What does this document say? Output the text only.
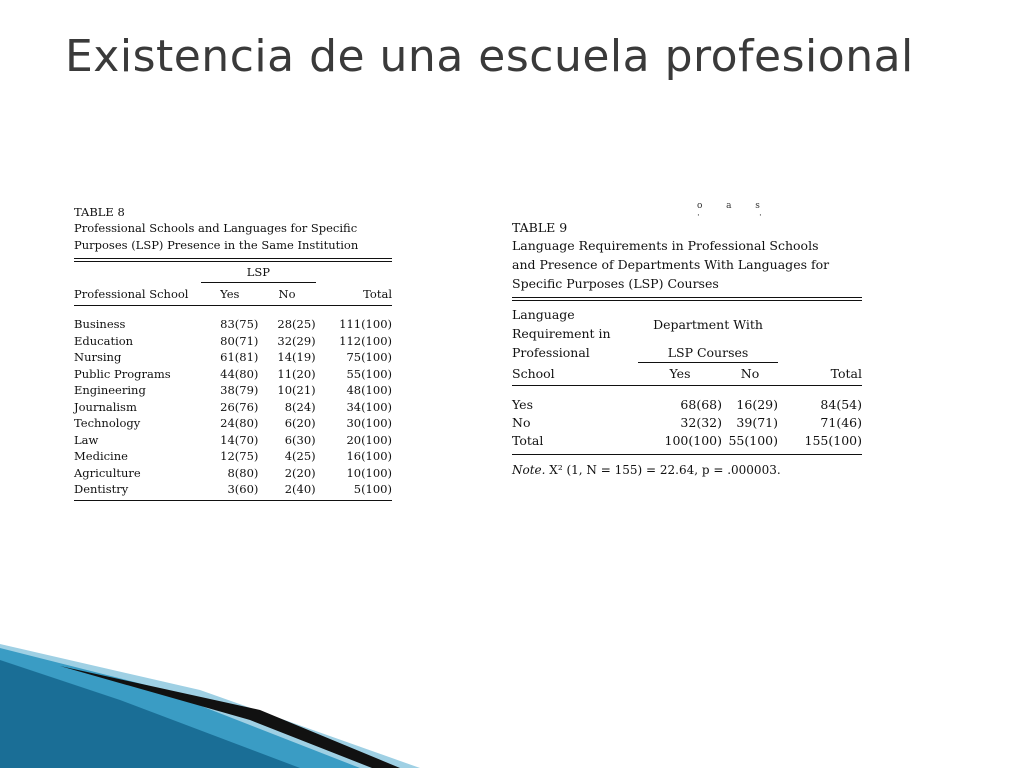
Existencia de una escuela profesional
o  a  s           ·      ·

TABLE 8

Professional Schools and Languages for Specific

Purposes (LSP) Presence in the Same Institution

	LSP		
Professional School	Yes	No	Total
Business	83(75)	28(25)	111(100)
Education	80(71)	32(29)	112(100)
Nursing	61(81)	14(19)	75(100)
Public Programs	44(80)	11(20)	55(100)
Engineering	38(79)	10(21)	48(100)
Journalism	26(76)	8(24)	34(100)
Technology	24(80)	6(20)	30(100)
Law	14(70)	6(30)	20(100)
Medicine	12(75)	4(25)	16(100)
Agriculture	8(80)	2(20)	10(100)
Dentistry	3(60)	2(40)	5(100)

TABLE 9

Language Requirements in Professional Schools

and Presence of Departments With Languages for

Specific Purposes (LSP) Courses

Language	Department With		
Requirement in			
Professional	LSP Courses		
School	Yes	No	Total
Yes	68(68)	16(29)	84(54)
No	32(32)	39(71)	71(46)
Total	100(100)	55(100)	155(100)

Note. X² (1, N = 155) = 22.64, p = .000003.
